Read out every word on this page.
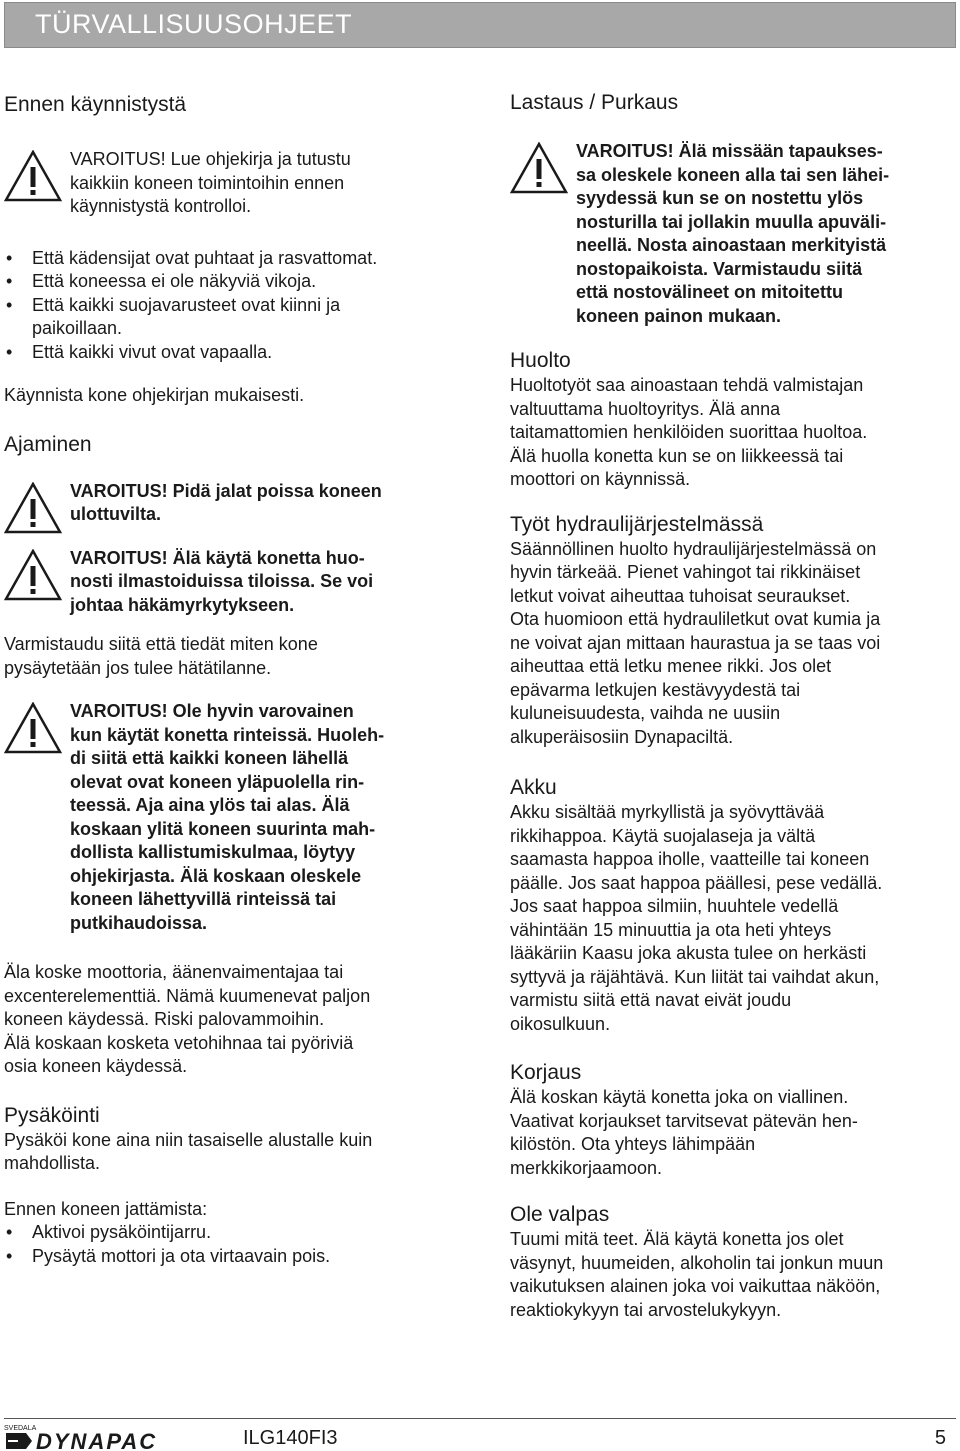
TÜRVALLISUUSOHJEET
Ennen käynnistystä

VAROITUS! Lue ohjekirja ja tutustu
kaikkiin koneen toimintoihin ennen
käynnistystä kontrolloi.

• Että kädensijat ovat puhtaat ja rasvattomat.
• Että koneessa ei ole näkyviä vikoja.
• Että kaikki suojavarusteet ovat kiinni ja
paikoillaan.
• Että kaikki vivut ovat vapaalla.

Käynnista kone ohjekirjan mukaisesti.

Ajaminen

VAROITUS! Pidä jalat poissa koneen
ulottuvilta.

VAROITUS! Älä käytä konetta huo-
nosti ilmastoiduissa tiloissa. Se voi
johtaa häkämyrkytykseen.

Varmistaudu siitä että tiedät miten kone
pysäytetään jos tulee hätätilanne.

VAROITUS! Ole hyvin varovainen
kun käytät konetta rinteissä. Huoleh-
di siitä että kaikki koneen lähellä
olevat ovat koneen yläpuolella rin-
teessä. Aja aina ylös tai alas. Älä
koskaan ylitä koneen suurinta mah-
dollista kallistumiskulmaa, löytyy
ohjekirjasta. Älä koskaan oleskele
koneen lähettyvillä rinteissä tai
putkihaudoissa.

Äla koske moottoria, äänenvaimentajaa tai
excenterelementtiä. Nämä kuumenevat paljon
koneen käydessä. Riski palovammoihin.
Älä koskaan kosketa vetohihnaa tai pyöriviä
osia koneen käydessä.

Pysäköinti

Pysäköi kone aina niin tasaiselle alustalle kuin
mahdollista.

Ennen koneen jattämista:

• Aktivoi pysäköintijarru.
• Pysäytä mottori ja ota virtaavain pois.
Lastaus / Purkaus

VAROITUS! Älä missään tapaukses-
sa oleskele koneen alla tai sen lähei-
syydessä kun se on nostettu ylös
nosturilla tai jollakin muulla apuväli-
neellä. Nosta ainoastaan merkityistä
nostopaikoista. Varmistaudu siitä
että nostovälineet on mitoitettu
koneen painon mukaan.

Huolto

Huoltotyöt saa ainoastaan tehdä valmistajan
valtuuttama huoltoyritys. Älä anna
taitamattomien henkilöiden suorittaa huoltoa.
Älä huolla konetta kun se on liikkeessä tai
moottori on käynnissä.

Työt hydraulijärjestelmässä

Säännöllinen huolto hydraulijärjestelmässä on
hyvin tärkeää. Pienet vahingot tai rikkinäiset
letkut voivat aiheuttaa tuhoisat seuraukset.
Ota huomioon että hydrauliletkut ovat kumia ja
ne voivat ajan mittaan haurastua ja se taas voi
aiheuttaa että letku menee rikki. Jos olet
epävarma letkujen kestävyydestä tai
kuluneisuudesta, vaihda ne uusiin
alkuperäisosiin Dynapaciltä.

Akku

Akku sisältää myrkyllistä ja syövyttävää
rikkihappoa. Käytä suojalaseja ja vältä
saamasta happoa iholle, vaatteille tai koneen
päälle. Jos saat happoa päällesi, pese vedällä.
Jos saat happoa silmiin, huuhtele vedellä
vähintään 15 minuuttia ja ota heti yhteys
lääkäriin Kaasu joka akusta tulee on herkästi
syttyvä ja räjähtävä. Kun liität tai vaihdat akun,
varmistu siitä että navat eivät joudu
oikosulkuun.

Korjaus

Älä koskan käytä konetta joka on viallinen.
Vaativat korjaukset tarvitsevat pätevän hen-
kilöstön. Ota yhteys lähimpään
merkkikorjaamoon.

Ole valpas

Tuumi mitä teet. Älä käytä konetta jos olet
väsynyt, huumeiden, alkoholin tai jonkun muun
vaikutuksen alainen joka voi vaikuttaa näköön,
reaktiokykyyn tai arvostelukykyyn.

SVEDALA
DYNAPAC	ILG140FI3	5
